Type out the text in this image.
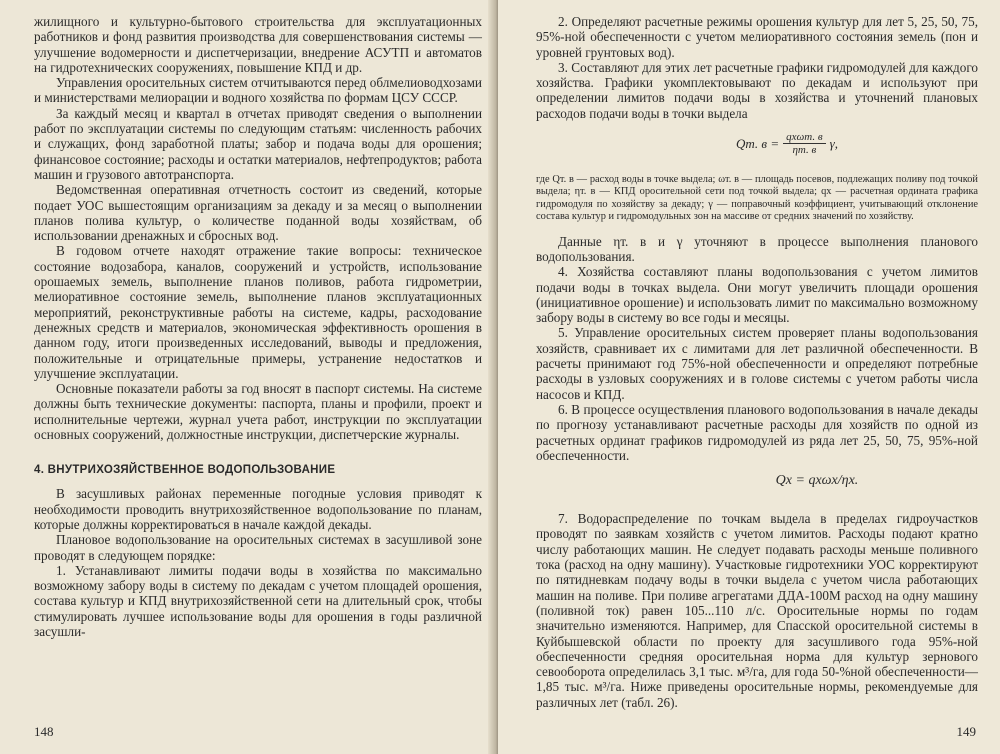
жилищного и культурно-бытового строительства для эксплуатационных работников и фонд развития производства для совершенствования системы — улучшение водомерности и диспетчеризации, внедрение АСУТП и автоматов на гидротехнических сооружениях, повышение КПД и др.

Управления оросительных систем отчитываются перед облмелиоводхозами и министерствами мелиорации и водного хозяйства по формам ЦСУ СССР.

За каждый месяц и квартал в отчетах приводят сведения о выполнении работ по эксплуатации системы по следующим статьям: численность рабочих и служащих, фонд заработной платы; забор и подача воды для орошения; финансовое состояние; расходы и остатки материалов, нефтепродуктов; работа машин и грузового автотранспорта.

Ведомственная оперативная отчетность состоит из сведений, которые подает УОС вышестоящим организациям за декаду и за месяц о выполнении планов полива культур, о количестве поданной воды хозяйствам, об использовании дренажных и сбросных вод.

В годовом отчете находят отражение такие вопросы: техническое состояние водозабора, каналов, сооружений и устройств, использование орошаемых земель, выполнение планов поливов, работа гидрометрии, мелиоративное состояние земель, выполнение планов эксплуатационных мероприятий, реконструктивные работы на системе, кадры, расходование денежных средств и материалов, экономическая эффективность орошения в данном году, итоги произведенных исследований, выводы и предложения, положительные и отрицательные примеры, устранение недостатков и улучшение эксплуатации.

Основные показатели работы за год вносят в паспорт системы. На системе должны быть технические документы: паспорта, планы и профили, проект и исполнительные чертежи, журнал учета работ, инструкции по эксплуатации основных сооружений, должностные инструкции, диспетчерские журналы.

4. ВНУТРИХОЗЯЙСТВЕННОЕ ВОДОПОЛЬЗОВАНИЕ

В засушливых районах переменные погодные условия приводят к необходимости проводить внутрихозяйственное водопользование по планам, которые должны корректироваться в начале каждой декады.

Плановое водопользование на оросительных системах в засушливой зоне проводят в следующем порядке:

1. Устанавливают лимиты подачи воды в хозяйства по максимально возможному забору воды в систему по декадам с учетом площадей орошения, состава культур и КПД внутрихозяйственной сети на длительный срок, чтобы стимулировать лучшее использование воды для орошения в годы различной засушли-

148

2. Определяют расчетные режимы орошения культур для лет 5, 25, 50, 75, 95%-ной обеспеченности с учетом мелиоративного состояния земель (пон и уровней грунтовых вод).

3. Составляют для этих лет расчетные графики гидромодулей для каждого хозяйства. Графики укомплектовывают по декадам и используют при определении лимитов подачи воды в хозяйства и уточнений плановых расходов подачи воды в точки выдела

Qт. $в = \frac{\text{qxωт. в}}{\eta т. в} \gamma$,

где Qт. в — расход воды в точке выдела; ωт. в — площадь посевов, подлежащих поливу под точкой выдела; ηт. в — КПД оросительной сети под точкой выдела; qx — расчетная ордината графика гидромодуля по хозяйству за декаду; γ — поправочный коэффициент, учитывающий отклонение состава культур и гидромодульных зон на массиве от средних значений по хозяйству.

Данные ηт. в и γ уточняют в процессе выполнения планового водопользования.

4. Хозяйства составляют планы водопользования с учетом лимитов подачи воды в точках выдела. Они могут увеличить площади орошения (инициативное орошение) и использовать лимит по максимально возможному забору воды в систему во все годы и месяцы.

5. Управление оросительных систем проверяет планы водопользования хозяйств, сравнивает их с лимитами для лет различной обеспеченности. В расчеты принимают год 75%-ной обеспеченности и определяют потребные расходы в узловых сооружениях и в голове системы с учетом работы числа насосов и КПД.

6. В процессе осуществления планового водопользования в начале декады по прогнозу устанавливают расчетные расходы для хозяйств по одной из расчетных ординат графиков гидромодулей из ряда лет 25, 50, 75, 95%-ной обеспеченности.

Qx = qxωx/ηx.

7. Водораспределение по точкам выдела в пределах гидроучастков проводят по заявкам хозяйств с учетом лимитов. Расходы подают кратно числу работающих машин. Не следует подавать расходы меньше поливного тока (расход на одну машину). Участковые гидротехники УОС корректируют по пятидневкам подачу воды в точки выдела с учетом числа работающих машин на поливе. При поливе агрегатами ДДА-100М расход на одну машину (поливной ток) равен 105...110 л/с. Оросительные нормы по годам значительно изменяются. Например, для Спасской оросительной системы в Куйбышевской области по проекту для засушливого года 95%-ной обеспеченности средняя оросительная норма для культур зернового севооборота определилась 3,1 тыс. м³/га, для года 50-%ной обеспеченности— 1,85 тыс. м³/га. Ниже приведены оросительные нормы, рекомендуемые для различных лет (табл. 26).

149
